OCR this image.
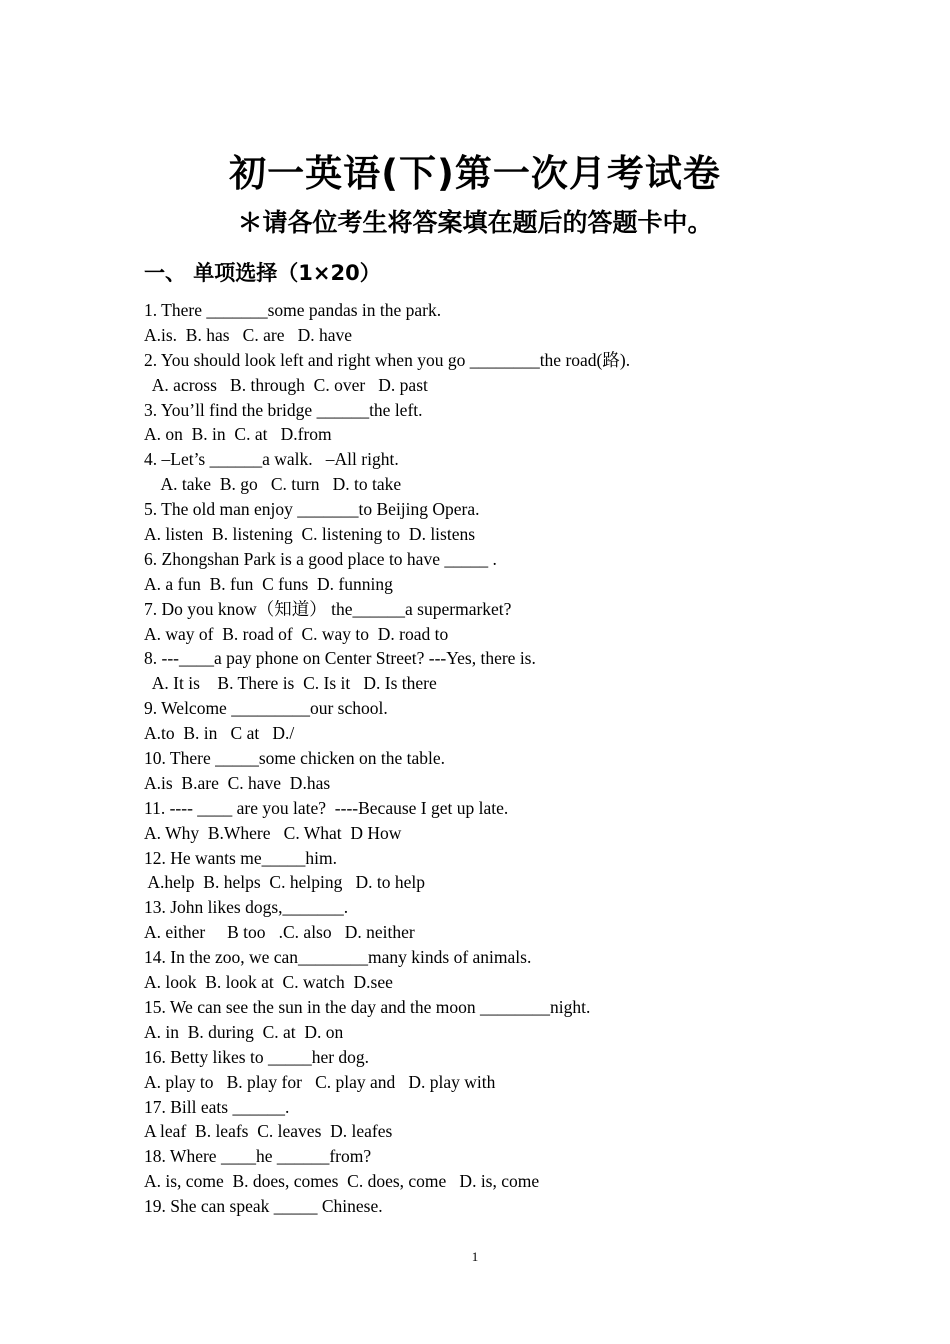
初一英语(下)第一次月考试卷
＊请各位考生将答案填在题后的答题卡中。
一、 单项选择（1×20）
1. There _______some pandas in the park.
A.is.  B. has   C. are   D. have
2. You should look left and right when you go ________the road(路).
A. across   B. through  C. over   D. past
3. You’ll find the bridge ______the left.
A. on  B. in  C. at   D.from
4. –Let’s ______a walk.   –All right.
A. take  B. go   C. turn   D. to take
5. The old man enjoy _______to Beijing Opera.
A. listen  B. listening  C. listening to  D. listens
6. Zhongshan Park is a good place to have _____ .
A. a fun  B. fun  C funs  D. funning
7. Do you know（知道） the______a supermarket?
A. way of  B. road of  C. way to  D. road to
8. ---____a pay phone on Center Street? ---Yes, there is.
A. It is    B. There is  C. Is it   D. Is there
9. Welcome _________our school.
A.to  B. in   C at   D./
10. There _____some chicken on the table.
A.is  B.are  C. have  D.has
11. ---- ____ are you late?  ----Because I get up late.
A. Why  B.Where   C. What  D How
12. He wants me_____him.
A.help  B. helps  C. helping   D. to help
13. John likes dogs,_______.
A. either     B too   .C. also   D. neither
14. In the zoo, we can________many kinds of animals.
A. look  B. look at  C. watch  D.see
15. We can see the sun in the day and the moon ________night.
A. in  B. during  C. at  D. on
16. Betty likes to _____her dog.
A. play to   B. play for   C. play and   D. play with
17. Bill eats ______.
A leaf  B. leafs  C. leaves  D. leafes
18. Where ____he ______from?
A. is, come  B. does, comes  C. does, come   D. is, come
19. She can speak _____ Chinese.
1
